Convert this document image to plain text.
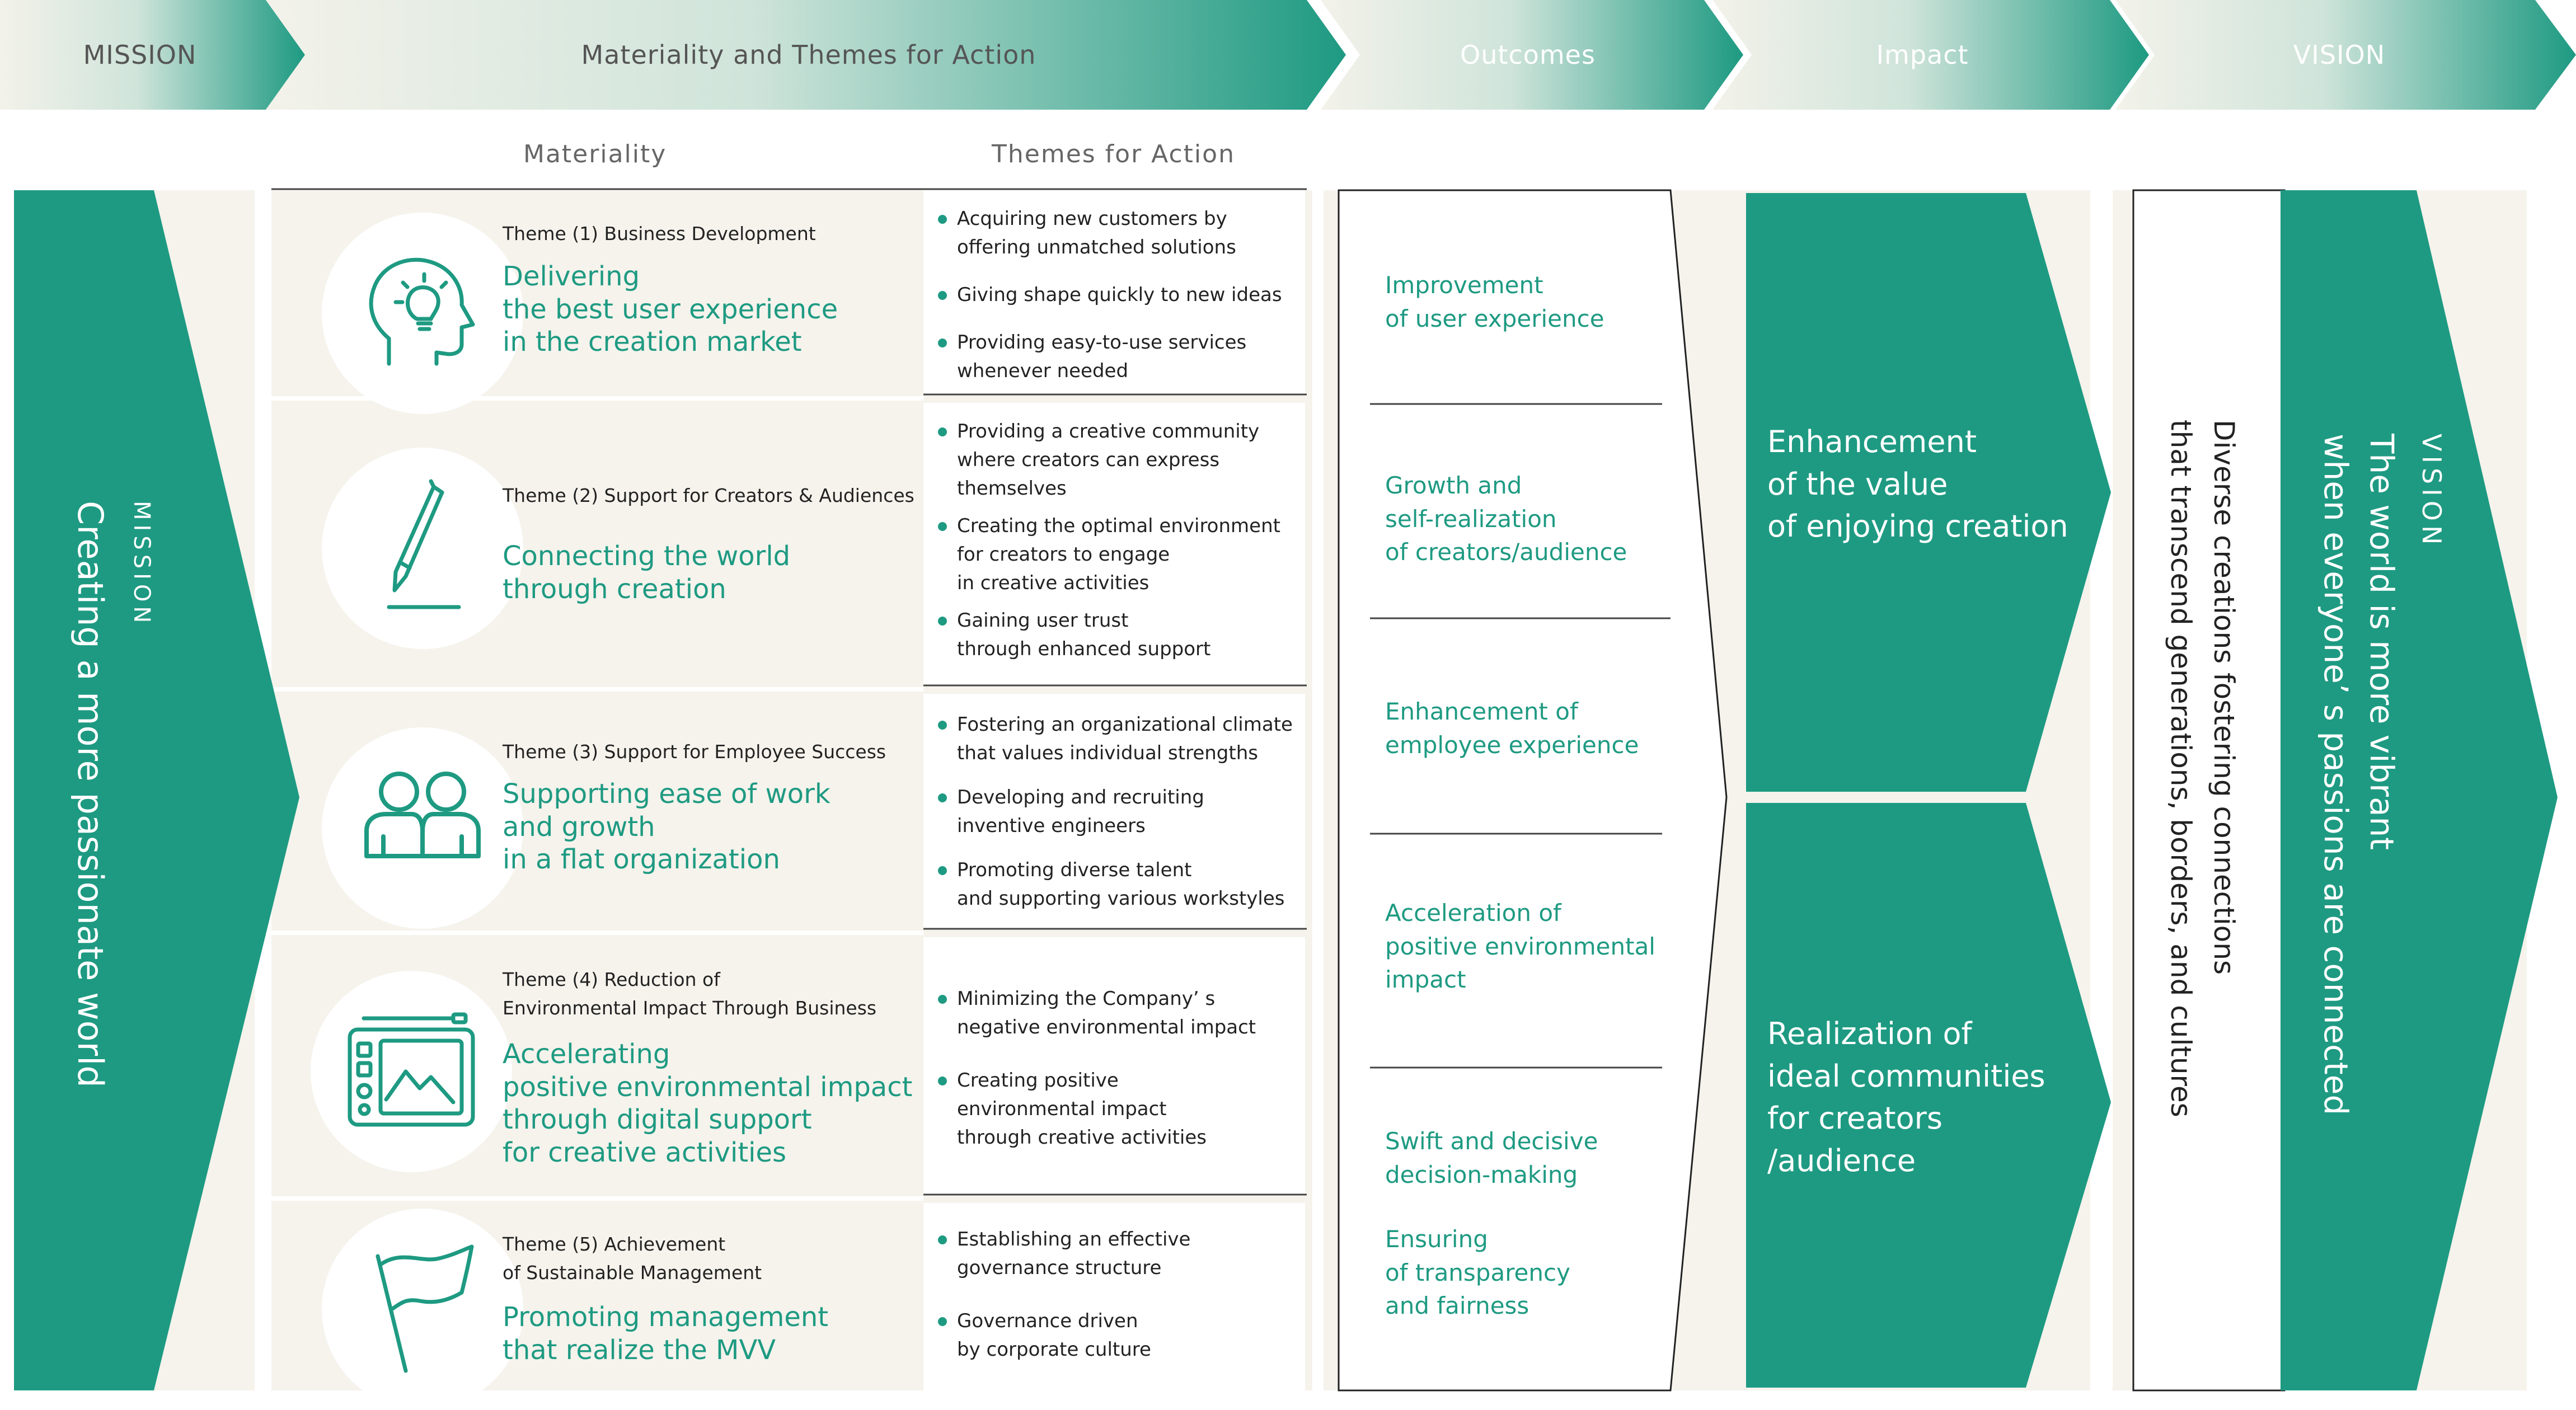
MISSION	Materiality and Themes for Action	Outcomes	Impact	VISION
Materiality	Themes for Action
MISSION
Creating a more passionate world
Theme (1) Business Development
Delivering
the best user experience
in the creation market
Acquiring new customers by
offering unmatched solutions
Giving shape quickly to new ideas
Providing easy-to-use services
whenever needed
Theme (2) Support for Creators & Audiences
Connecting the world
through creation
Providing a creative community
where creators can express
themselves
Creating the optimal environment
for creators to engage
in creative activities
Gaining user trust
through enhanced support
Theme (3) Support for Employee Success
Supporting ease of work
and growth
in a flat organization
Fostering an organizational climate
that values individual strengths
Developing and recruiting
inventive engineers
Promoting diverse talent
and supporting various workstyles
Theme (4) Reduction of
Environmental Impact Through Business
Accelerating
positive environmental impact
through digital support
for creative activities
Minimizing the Company’ s
negative environmental impact
Creating positive
environmental impact
through creative activities
Theme (5) Achievement
of Sustainable Management
Promoting management
that realize the MVV
Establishing an effective
governance structure
Governance driven
by corporate culture
Improvement
of user experience
Growth and
self-realization
of creators/audience
Enhancement of
employee experience
Acceleration of
positive environmental
impact
Swift and decisive
decision-making
Ensuring
of transparency
and fairness
Enhancement
of the value
of enjoying creation
Realization of
ideal communities
for creators
/audience
Diverse creations fostering connections
that transcend generations, borders, and cultures	VISION
The world is more vibrant
when everyone’ s passions are connected
